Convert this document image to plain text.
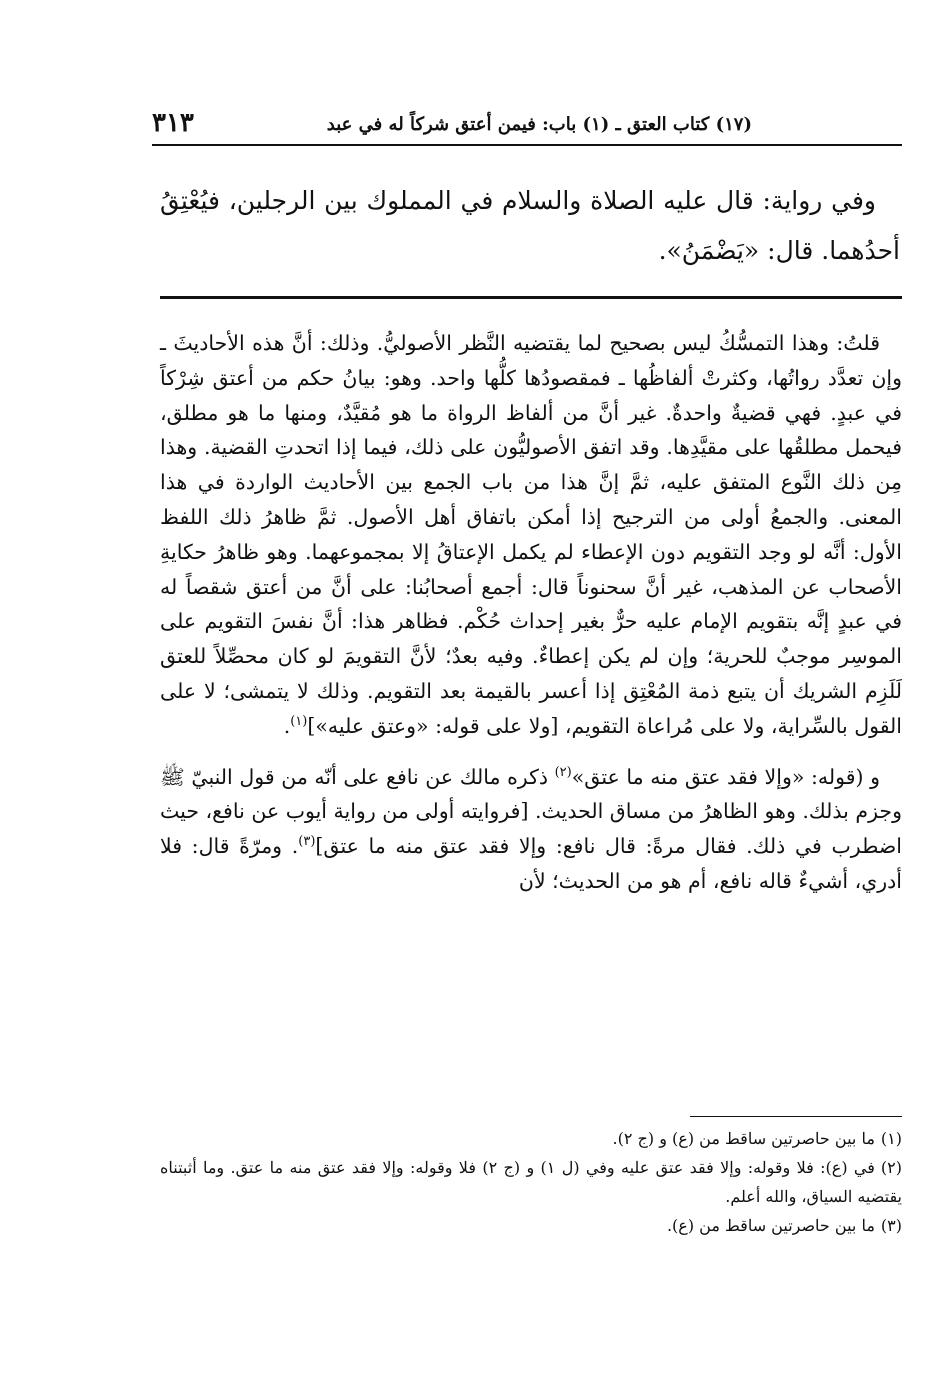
(١٧) كتاب العتق ـ (١) باب: فيمن أعتق شركاً له في عبد
٣١٣

وفي رواية: قال عليه الصلاة والسلام في المملوك بين الرجلين، فيُعْتِقُ أحدُهما. قال: «يَضْمَنُ».

قلتُ: وهذا التمسُّكُ ليس بصحيح لما يقتضيه النَّظر الأصوليُّ. وذلك: أنَّ هذه الأحاديثَ ـ وإن تعدَّد رواتُها، وكثرتْ ألفاظُها ـ فمقصودُها كلُّها واحد. وهو: بيانُ حكم من أعتق شِرْكاً في عبدٍ. فهي قضيةٌ واحدةٌ. غير أنَّ من ألفاظ الرواة ما هو مُقيَّدٌ، ومنها ما هو مطلق، فيحمل مطلقُها على مقيَّدِها. وقد اتفق الأصوليُّون على ذلك، فيما إذا اتحدتِ القضية. وهذا مِن ذلك النَّوع المتفق عليه، ثمَّ إنَّ هذا من باب الجمع بين الأحاديث الواردة في هذا المعنى. والجمعُ أولى من الترجيح إذا أمكن باتفاق أهل الأصول. ثمَّ ظاهرُ ذلك اللفظ الأول: أنَّه لو وجد التقويم دون الإعطاء لم يكمل الإعتاقُ إلا بمجموعهما. وهو ظاهرُ حكايةِ الأصحاب عن المذهب، غير أنَّ سحنوناً قال: أجمع أصحابُنا: على أنَّ من أعتق شقصاً له في عبدٍ إنَّه بتقويم الإمام عليه حرٌّ بغير إحداث حُكْم. فظاهر هذا: أنَّ نفسَ التقويم على الموسِر موجبٌ للحرية؛ وإن لم يكن إعطاءٌ. وفيه بعدٌ؛ لأنَّ التقويمَ لو كان محصِّلاً للعتق لَلَزِم الشريك أن يتبع ذمة المُعْتِق إذا أعسر بالقيمة بعد التقويم. وذلك لا يتمشى؛ لا على القول بالسِّراية، ولا على مُراعاة التقويم، [ولا على قوله: «وعتق عليه»]$^{(١)}$.

و (قوله: «وإلا فقد عتق منه ما عتق»$^{(٢)}$ ذكره مالك عن نافع على أنّه من قول النبيّ ﷺ وجزم بذلك. وهو الظاهرُ من مساق الحديث. [فروايته أولى من رواية أيوب عن نافع، حيث اضطرب في ذلك. فقال مرةً: قال نافع: وإلا فقد عتق منه ما عتق]$^{(٣)}$. ومرّةً قال: فلا أدري، أشيءٌ قاله نافع، أم هو من الحديث؛ لأن

(١)ما بين حاصرتين ساقط من (ع) و (ج ٢).

(٢)في (ع): فلا وقوله: وإلا فقد عتق عليه وفي (ل ١) و (ج ٢) فلا وقوله: وإلا فقد عتق منه ما عتق. وما أثبتناه يقتضيه السياق، والله أعلم.

(٣)ما بين حاصرتين ساقط من (ع).
